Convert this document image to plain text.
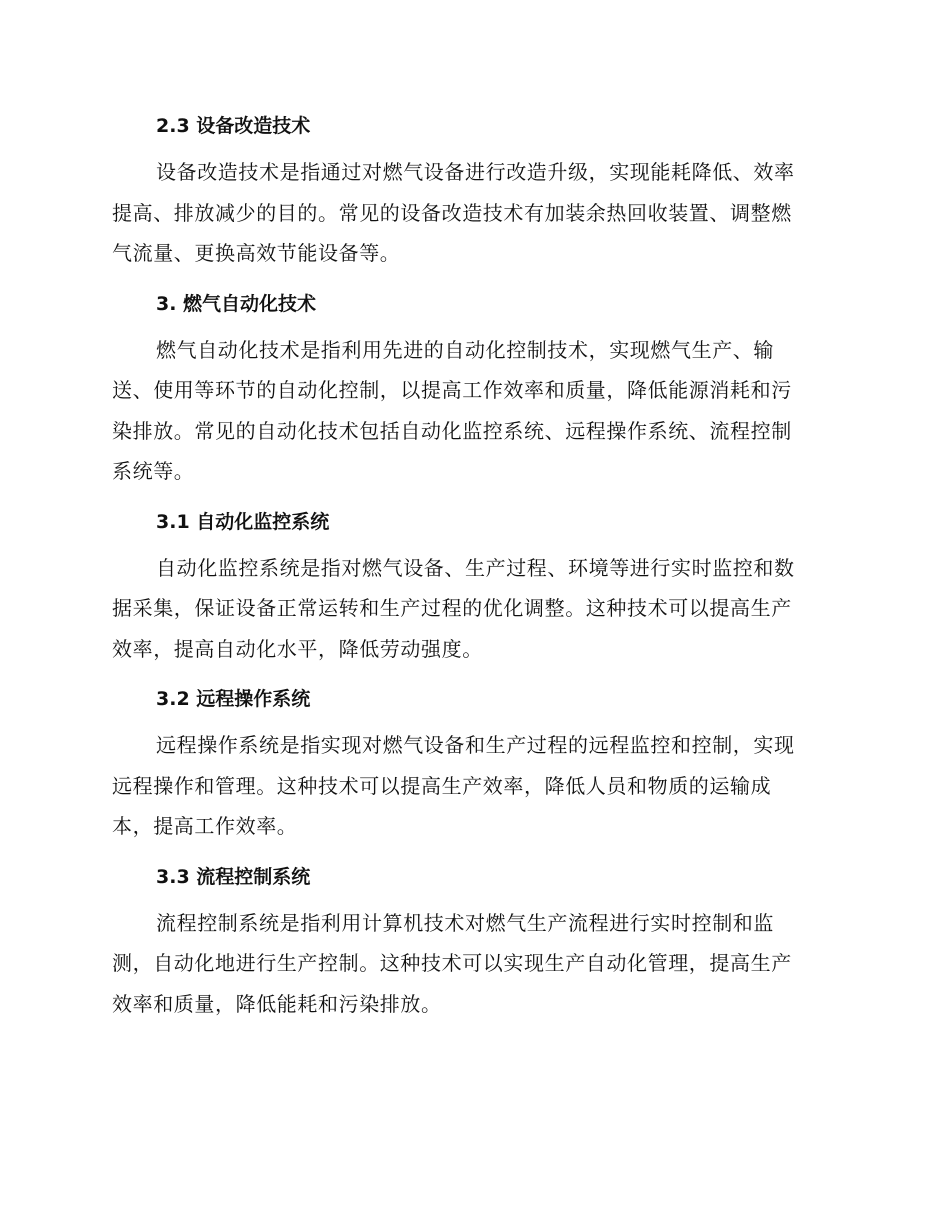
2.3 设备改造技术
设备改造技术是指通过对燃气设备进行改造升级，实现能耗降低、效率
提高、排放减少的目的。常见的设备改造技术有加装余热回收装置、调整燃
气流量、更换高效节能设备等。
3. 燃气自动化技术
燃气自动化技术是指利用先进的自动化控制技术，实现燃气生产、输
送、使用等环节的自动化控制，以提高工作效率和质量，降低能源消耗和污
染排放。常见的自动化技术包括自动化监控系统、远程操作系统、流程控制
系统等。
3.1 自动化监控系统
自动化监控系统是指对燃气设备、生产过程、环境等进行实时监控和数
据采集，保证设备正常运转和生产过程的优化调整。这种技术可以提高生产
效率，提高自动化水平，降低劳动强度。
3.2 远程操作系统
远程操作系统是指实现对燃气设备和生产过程的远程监控和控制，实现
远程操作和管理。这种技术可以提高生产效率，降低人员和物质的运输成
本，提高工作效率。
3.3 流程控制系统
流程控制系统是指利用计算机技术对燃气生产流程进行实时控制和监
测，自动化地进行生产控制。这种技术可以实现生产自动化管理，提高生产
效率和质量，降低能耗和污染排放。
